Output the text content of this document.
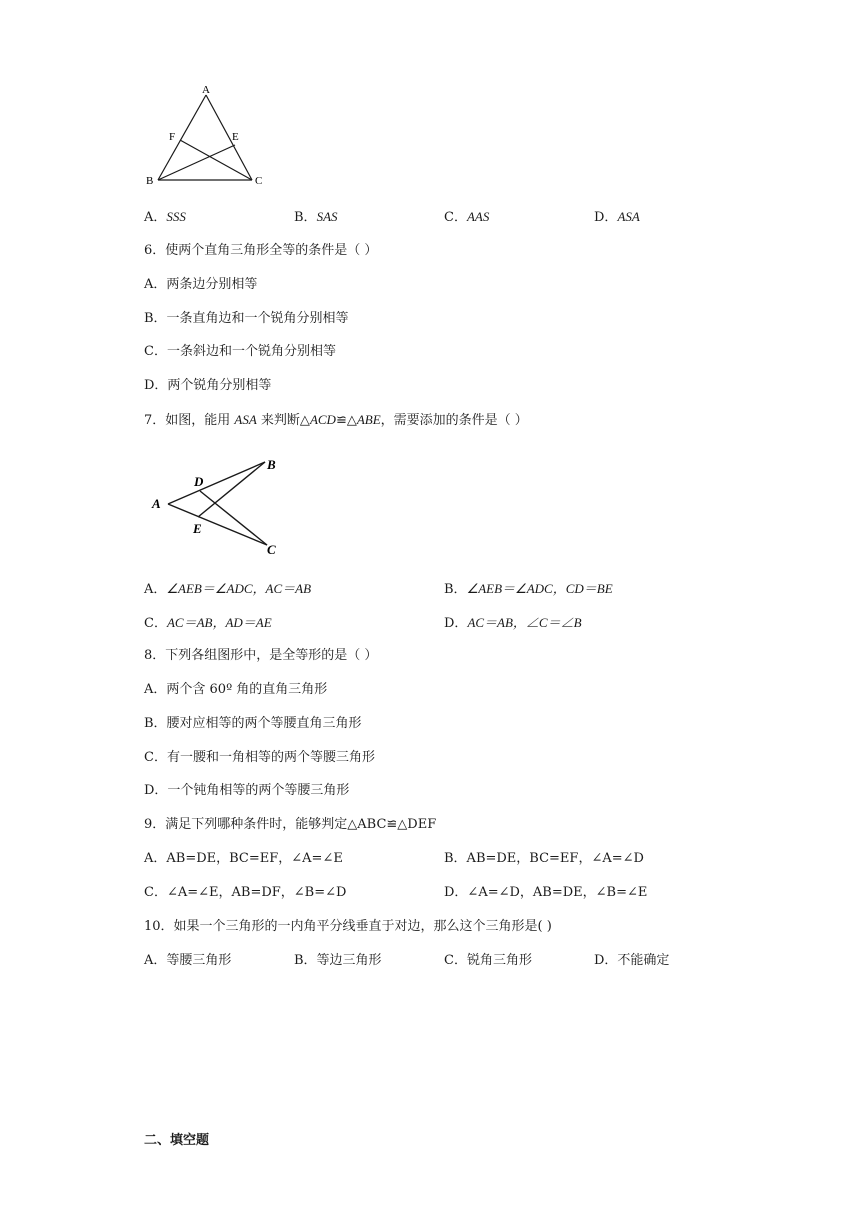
A
B	C
E
F
A．SSS	B．SAS	C．AAS	D．ASA
6．使两个直角三角形全等的条件是（ ）
A．两条边分别相等
B．一条直角边和一个锐角分别相等
C．一条斜边和一个锐角分别相等
D．两个锐角分别相等
7．如图，能用 ASA 来判断△ACD≌△ABE，需要添加的条件是（ ）
A
B
C
D
E
A．∠AEB＝∠ADC，AC＝AB	B．∠AEB＝∠ADC，CD＝BE
C．AC＝AB，AD＝AE	D．AC＝AB，∠C＝∠B
8．下列各组图形中，是全等形的是（ ）
A．两个含 60º 角的直角三角形
B．腰对应相等的两个等腰直角三角形
C．有一腰和一角相等的两个等腰三角形
D．一个钝角相等的两个等腰三角形
9．满足下列哪种条件时，能够判定△ABC≌△DEF
A．AB=DE，BC=EF，∠A=∠E	B．AB=DE，BC=EF，∠A=∠D
C．∠A=∠E，AB=DF，∠B=∠D	D．∠A=∠D，AB=DE，∠B=∠E
10．如果一个三角形的一内角平分线垂直于对边，那么这个三角形是( )
A．等腰三角形	B．等边三角形	C．锐角三角形	D．不能确定
二、填空题
